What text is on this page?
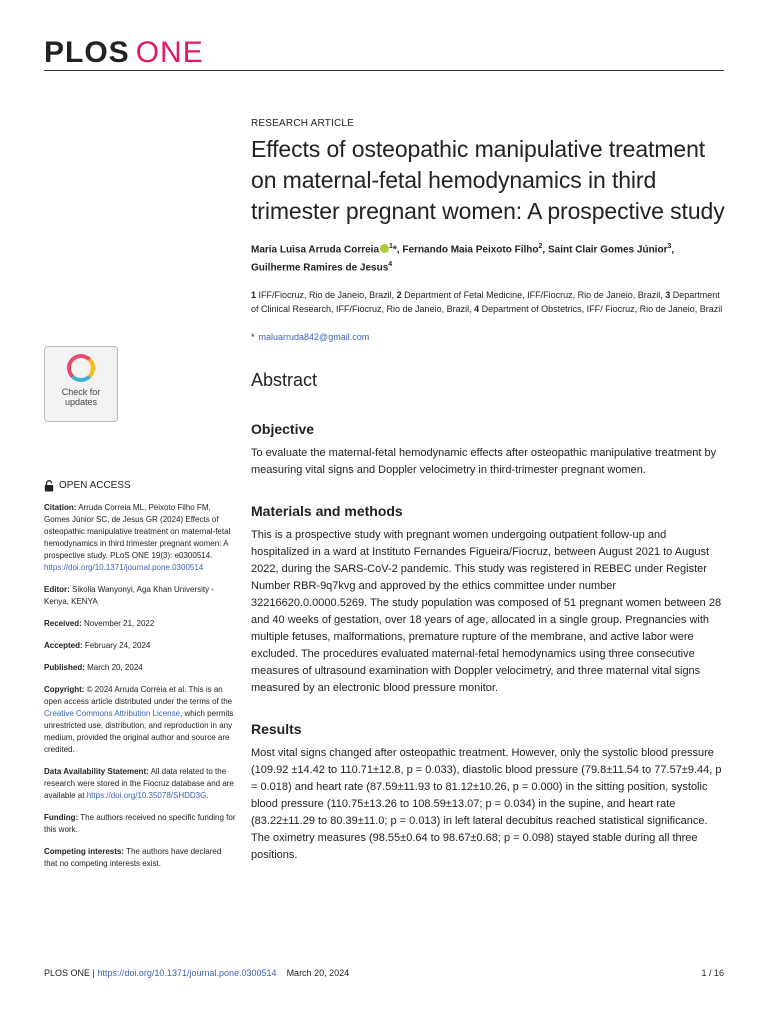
PLOS ONE
Check for
updates
OPEN ACCESS

Citation: Arruda Correia ML, Peixoto Filho FM, Gomes Júnior SC, de Jesus GR (2024) Effects of osteopathic manipulative treatment on maternal-fetal hemodynamics in third trimester pregnant women: A prospective study. PLoS ONE 19(3): e0300514. https://doi.org/10.1371/journal.pone.0300514

Editor: Sikolia Wanyonyi, Aga Khan University - Kenya, KENYA

Received: November 21, 2022

Accepted: February 24, 2024

Published: March 20, 2024

Copyright: © 2024 Arruda Correia et al. This is an open access article distributed under the terms of the Creative Commons Attribution License, which permits unrestricted use, distribution, and reproduction in any medium, provided the original author and source are credited.

Data Availability Statement: All data related to the research were stored in the Fiocruz database and are available at https://doi.org/10.35078/SHDD3G.

Funding: The authors received no specific funding for this work.

Competing interests: The authors have declared that no competing interests exist.

RESEARCH ARTICLE
Effects of osteopathic manipulative treatment on maternal-fetal hemodynamics in third trimester pregnant women: A prospective study
Maria Luisa Arruda Correia $^1$*, Fernando Maia Peixoto Filho$^2$, Saint Clair Gomes Júnior$^3$, Guilherme Ramires de Jesus$^4$
1 IFF/Fiocruz, Rio de Janeio, Brazil, 2 Department of Fetal Medicine, IFF/Fiocruz, Rio de Janeio, Brazil, 3 Department of Clinical Research, IFF/Fiocruz, Rio de Janeio, Brazil, 4 Department of Obstetrics, IFF/ Fiocruz, Rio de Janeio, Brazil
* maluarruda842@gmail.com
Abstract
Objective
To evaluate the maternal-fetal hemodynamic effects after osteopathic manipulative treatment by measuring vital signs and Doppler velocimetry in third-trimester pregnant women.
Materials and methods
This is a prospective study with pregnant women undergoing outpatient follow-up and hospitalized in a ward at Instituto Fernandes Figueira/Fiocruz, between August 2021 to August 2022, during the SARS-CoV-2 pandemic. This study was registered in REBEC under Register Number RBR-9q7kvg and approved by the ethics committee under number 32216620.0.0000.5269. The study population was composed of 51 pregnant women between 28 and 40 weeks of gestation, over 18 years of age, allocated in a single group. Pregnancies with multiple fetuses, malformations, premature rupture of the membrane, and active labor were excluded. The procedures evaluated maternal-fetal hemodynamics using three consecutive measures of ultrasound examination with Doppler velocimetry, and three maternal vital signs measured by an electronic blood pressure monitor.
Results
Most vital signs changed after osteopathic treatment. However, only the systolic blood pressure (109.92 ±14.42 to 110.71±12.8, p = 0.033), diastolic blood pressure (79.8±11.54 to 77.57±9.44, p = 0.018) and heart rate (87.59±11.93 to 81.12±10.26, p = 0.000) in the sitting position, systolic blood pressure (110.75±13.26 to 108.59±13.07; p = 0.034) in the supine, and heart rate (83.22±11.29 to 80.39±11.0; p = 0.013) in left lateral decubitus reached statistical significance. The oximetry measures (98.55±0.64 to 98.67±0.68; p = 0.098) stayed stable during all three positions.
PLOS ONE | https://doi.org/10.1371/journal.pone.0300514 March 20, 2024	1 / 16
